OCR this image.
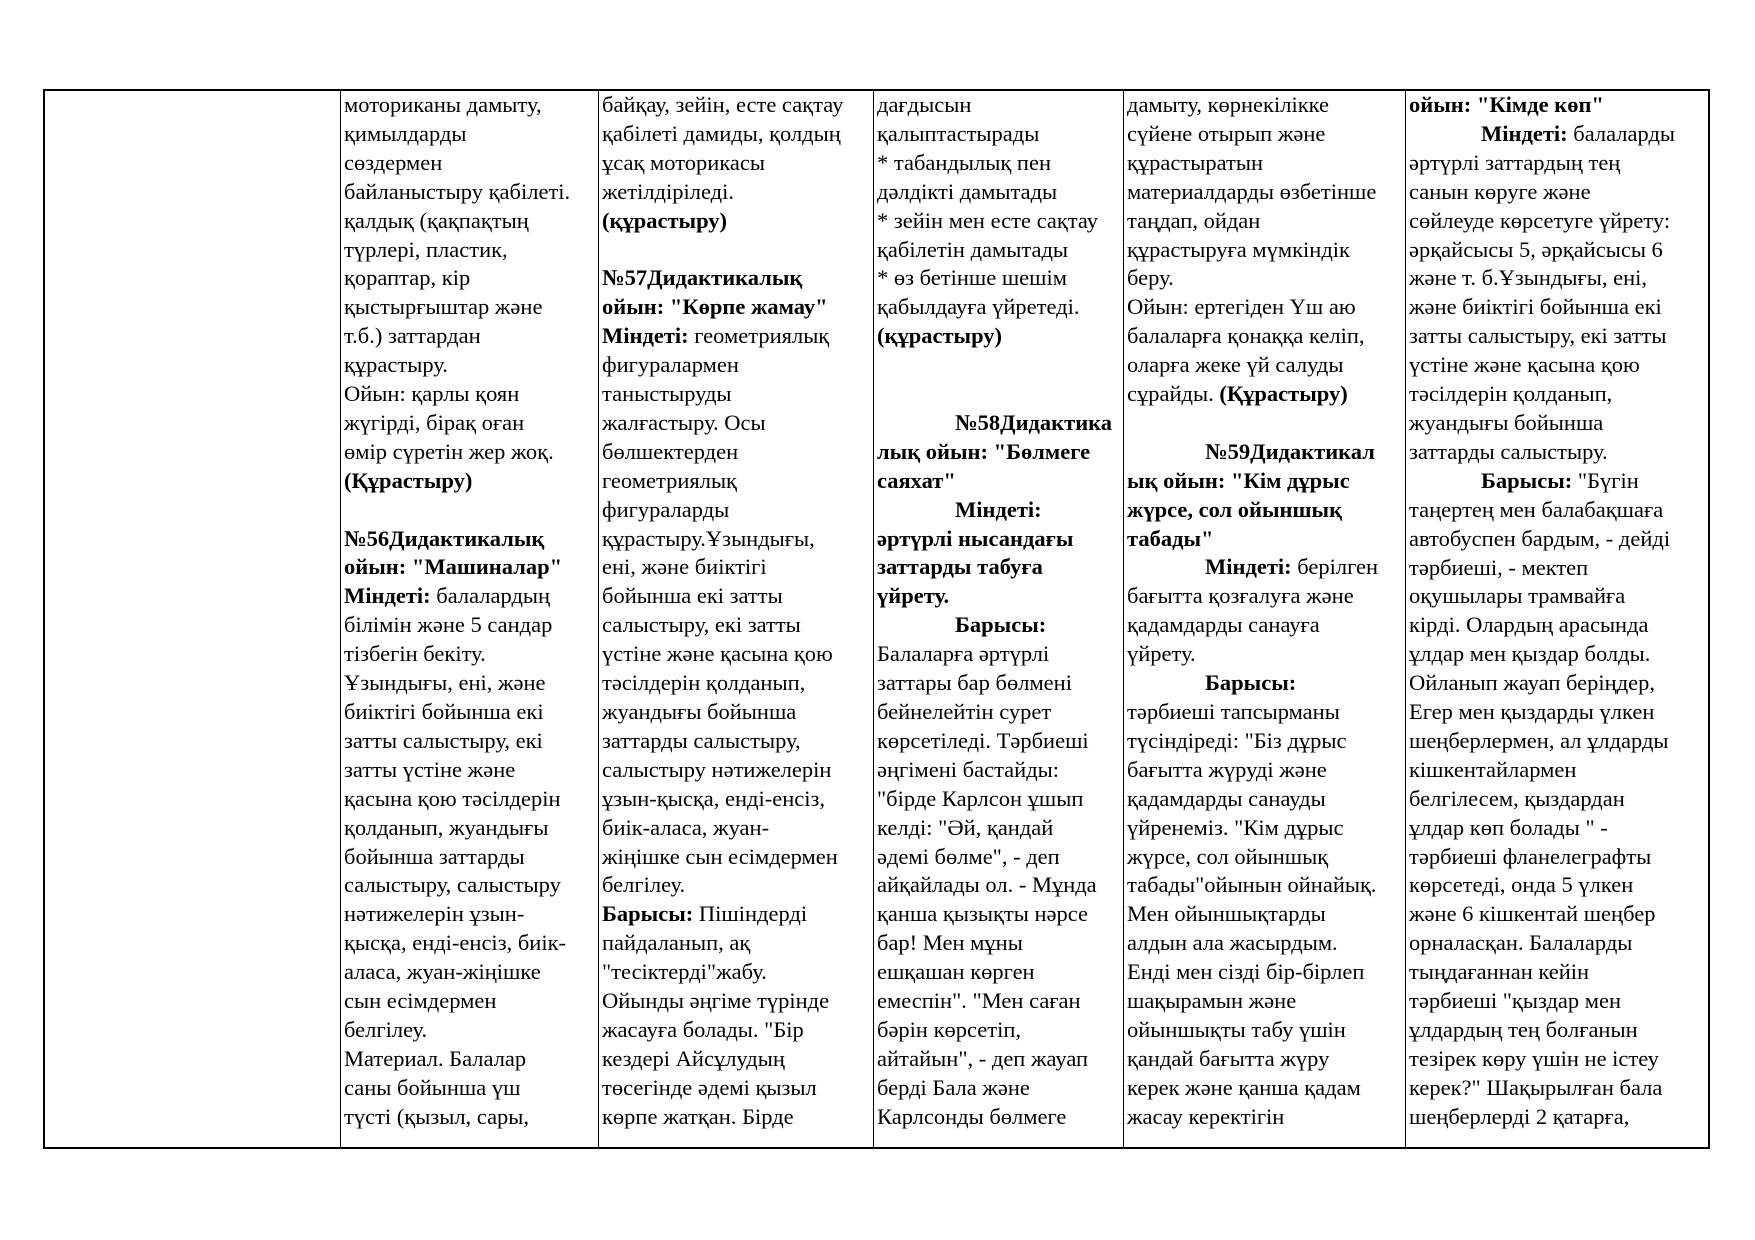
моториканы дамыту,
қимылдарды
сөздермен
байланыстыру қабілеті.
қалдық (қақпақтың
түрлері, пластик,
қораптар, кір
қыстырғыштар және
т.б.) заттардан
құрастыру.
Ойын: қарлы қоян
жүгірді, бірақ оған
өмір сүретін жер жоқ.
(Құрастыру)
№56Дидактикалық
ойын: "Машиналар"
Міндеті: балалардың
білімін және 5 сандар
тізбегін бекіту.
Ұзындығы, ені, және
биіктігі бойынша екі
затты салыстыру, екі
затты үстіне және
қасына қою тәсілдерін
қолданып, жуандығы
бойынша заттарды
салыстыру, салыстыру
нәтижелерін ұзын-
қысқа, енді-енсіз, биік-
аласа, жуан-жіңішке
сын есімдермен
белгілеу.
Материал. Балалар
саны бойынша үш
түсті (қызыл, сары,
байқау, зейін, есте сақтау
қабілеті дамиды, қолдың
ұсақ моторикасы
жетілдіріледі.
(құрастыру)
№57Дидактикалық
ойын: "Көрпе жамау"
Міндеті: геометриялық
фигуралармен
таныстыруды
жалғастыру. Осы
бөлшектерден
геометриялық
фигураларды
құрастыру.Ұзындығы,
ені, және биіктігі
бойынша екі затты
салыстыру, екі затты
үстіне және қасына қою
тәсілдерін қолданып,
жуандығы бойынша
заттарды салыстыру,
салыстыру нәтижелерін
ұзын-қысқа, енді-енсіз,
биік-аласа, жуан-
жіңішке сын есімдермен
белгілеу.
Барысы: Пішіндерді
пайдаланып, ақ
"тесіктерді"жабу.
Ойынды әңгіме түрінде
жасауға болады. "Бір
кездері Айсұлудың
төсегінде әдемі қызыл
көрпе жатқан. Бірде
дағдысын
қалыптастырады
* табандылық пен
дәлдікті дамытады
* зейін мен есте сақтау
қабілетін дамытады
* өз бетінше шешім
қабылдауға үйретеді.
(құрастыру)
№58Дидактика
лық ойын: "Бөлмеге
саяхат"
Міндеті:
әртүрлі нысандағы
заттарды табуға
үйрету.
Барысы:
Балаларға әртүрлі
заттары бар бөлмені
бейнелейтін сурет
көрсетіледі. Тәрбиеші
әңгімені бастайды:
"бірде Карлсон ұшып
келді: "Әй, қандай
әдемі бөлме", - деп
айқайлады ол. - Мұнда
қанша қызықты нәрсе
бар! Мен мұны
ешқашан көрген
емеспін". "Мен саған
бәрін көрсетіп,
айтайын", - деп жауап
берді Бала және
Карлсонды бөлмеге
дамыту, көрнекілікке
сүйене отырып және
құрастыратын
материалдарды өзбетінше
таңдап, ойдан
құрастыруға мүмкіндік
беру.
Ойын: ертегіден Үш аю
балаларға қонаққа келіп,
оларға жеке үй салуды
сұрайды. (Құрастыру)
№59Дидактикал
ық ойын: "Кім дұрыс
жүрсе, сол ойыншық
табады"
Міндеті: берілген
бағытта қозғалуға және
қадамдарды санауға
үйрету.
Барысы:
тәрбиеші тапсырманы
түсіндіреді: "Біз дұрыс
бағытта жүруді және
қадамдарды санауды
үйренеміз. "Кім дұрыс
жүрсе, сол ойыншық
табады"ойынын ойнайық.
Мен ойыншықтарды
алдын ала жасырдым.
Енді мен сізді бір-бірлеп
шақырамын және
ойыншықты табу үшін
қандай бағытта жүру
керек және қанша қадам
жасау керектігін
ойын: "Кімде көп"
Міндеті: балаларды
әртүрлі заттардың тең
санын көруге және
сөйлеуде көрсетуге үйрету:
әрқайсысы 5, әрқайсысы 6
және т. б.Ұзындығы, ені,
және биіктігі бойынша екі
затты салыстыру, екі затты
үстіне және қасына қою
тәсілдерін қолданып,
жуандығы бойынша
заттарды салыстыру.
Барысы: "Бүгін
таңертең мен балабақшаға
автобуспен бардым, - дейді
тәрбиеші, - мектеп
оқушылары трамвайға
кірді. Олардың арасында
ұлдар мен қыздар болды.
Ойланып жауап беріңдер,
Егер мен қыздарды үлкен
шеңберлермен, ал ұлдарды
кішкентайлармен
белгілесем, қыздардан
ұлдар көп болады " -
тәрбиеші фланелеграфты
көрсетеді, онда 5 үлкен
және 6 кішкентай шеңбер
орналасқан. Балаларды
тыңдағаннан кейін
тәрбиеші "қыздар мен
ұлдардың тең болғанын
тезірек көру үшін не істеу
керек?" Шақырылған бала
шеңберлерді 2 қатарға,
